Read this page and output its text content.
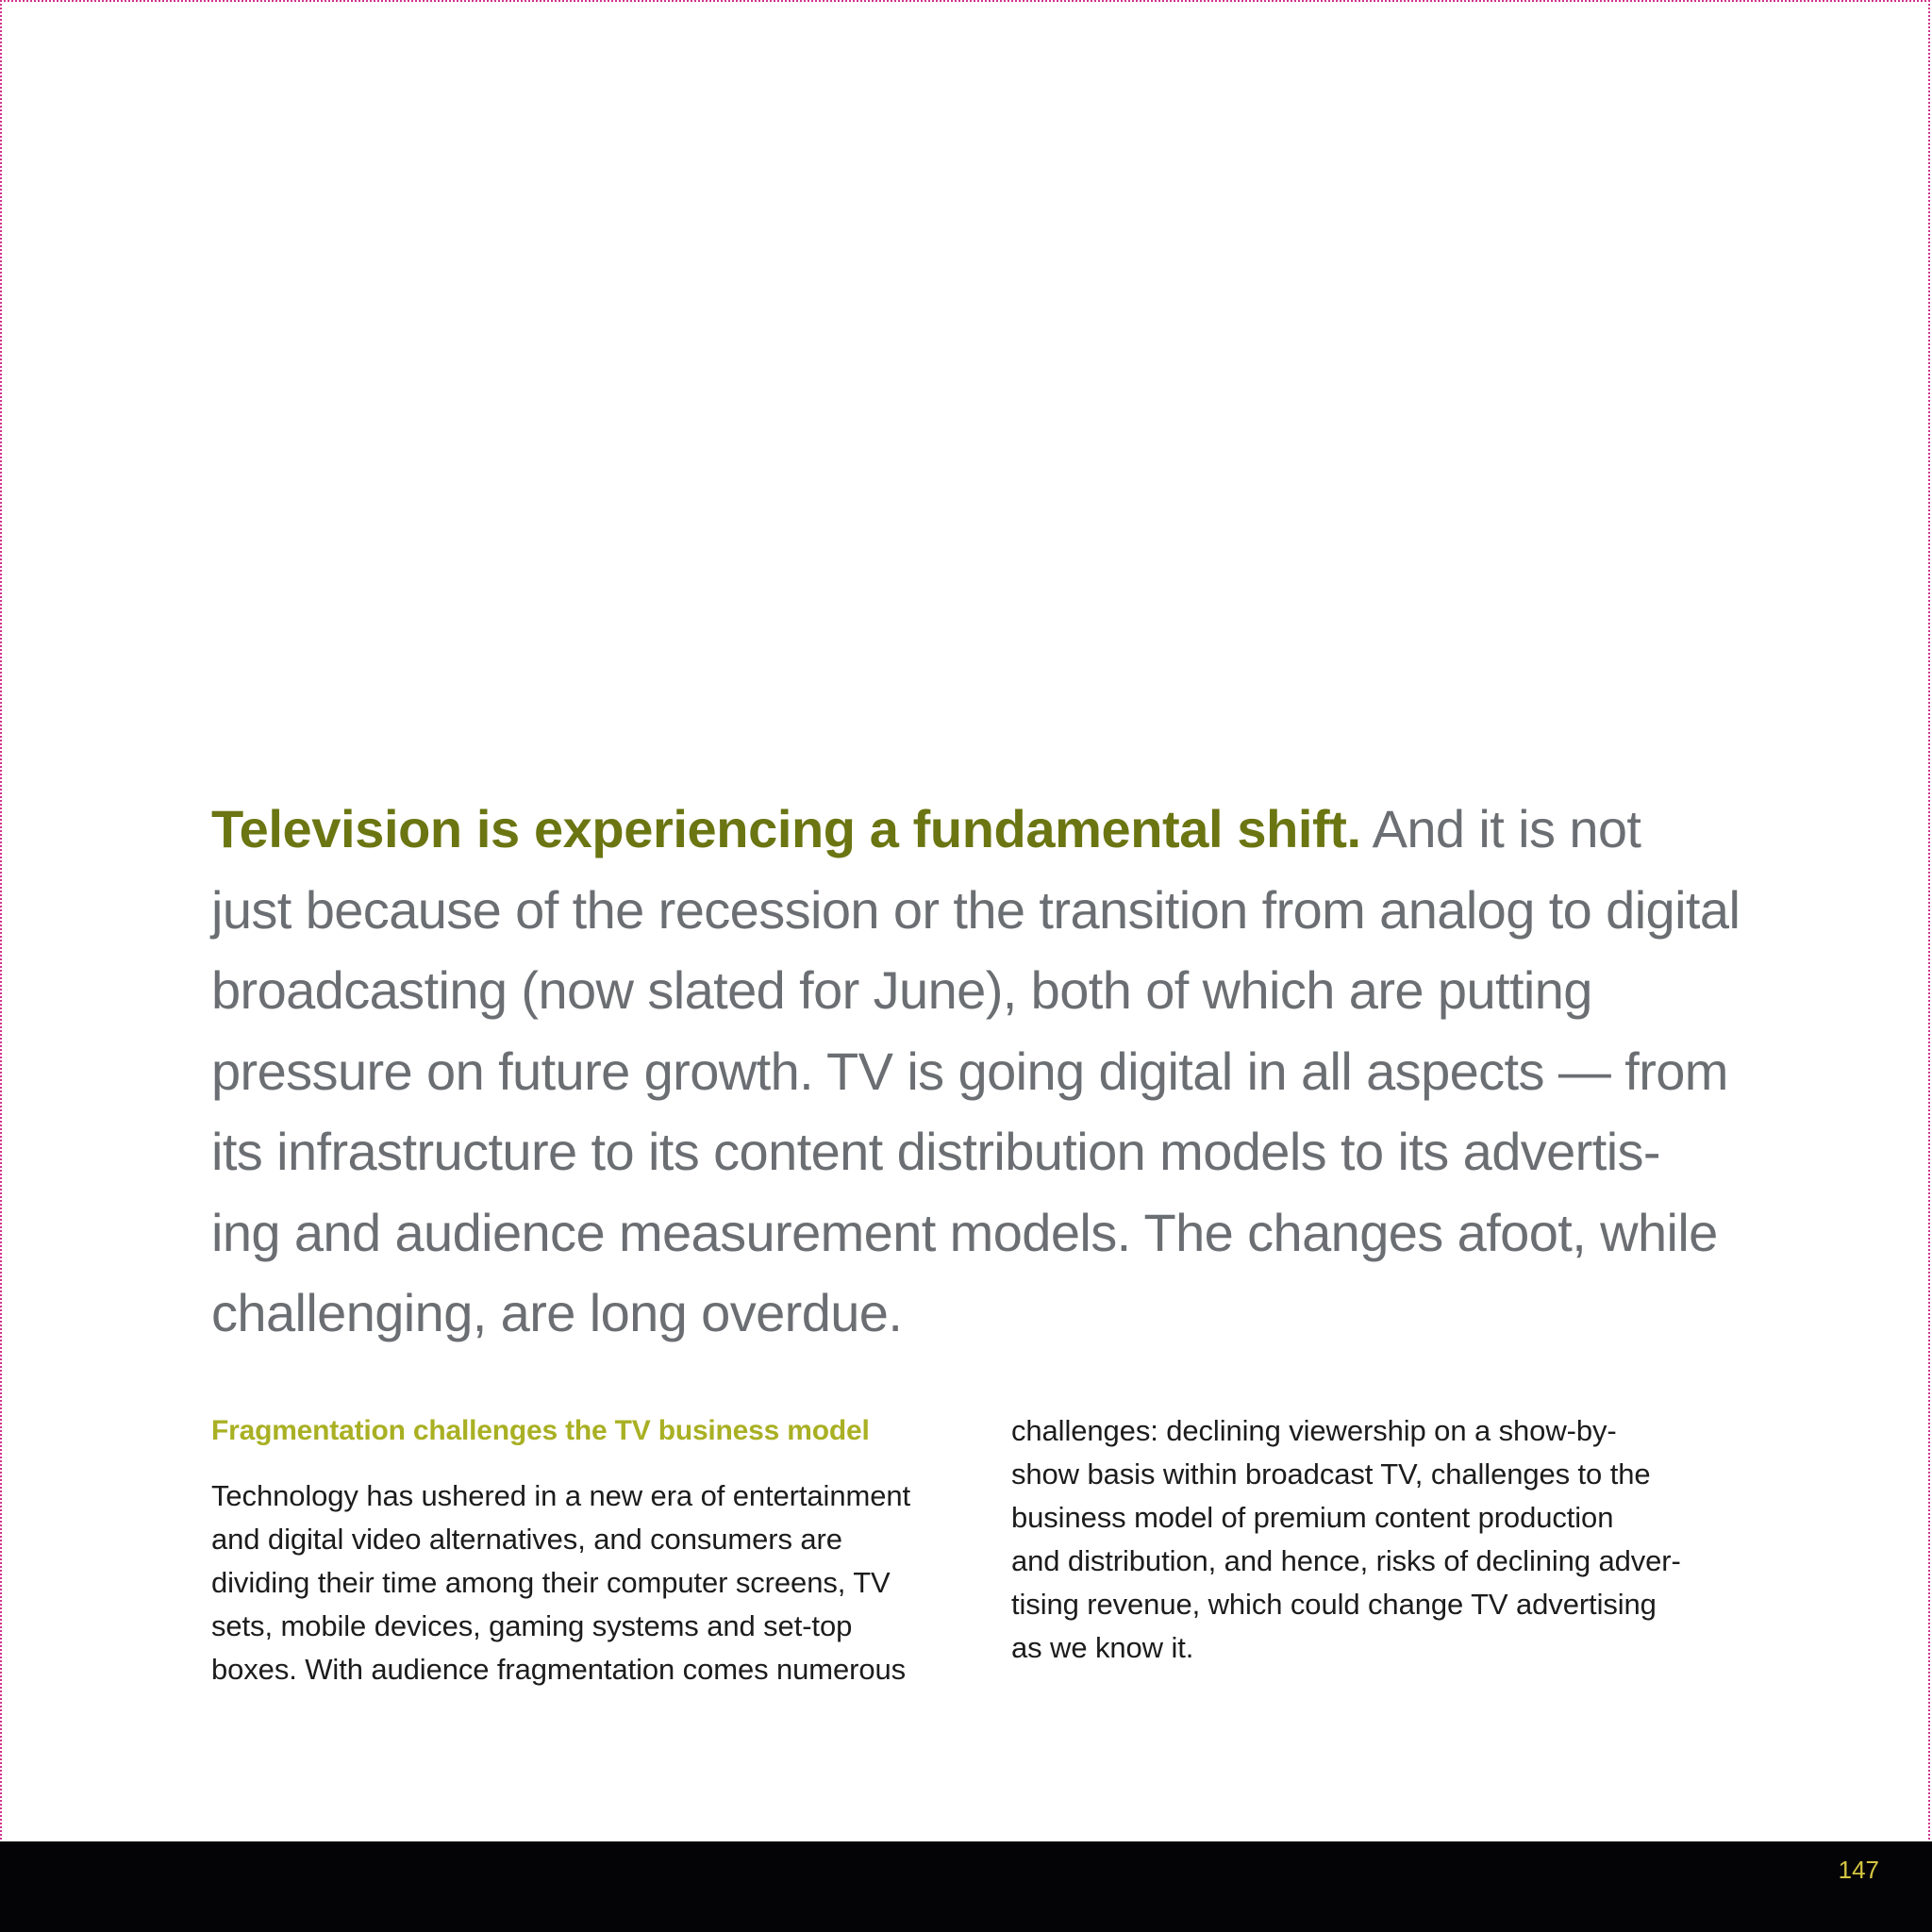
Television is experiencing a fundamental shift. And it is not
just because of the recession or the transition from analog to digital
broadcasting (now slated for June), both of which are putting
pressure on future growth. TV is going digital in all aspects — from
its infrastructure to its content distribution models to its advertis-
ing and audience measurement models. The changes afoot, while
challenging, are long overdue.

Fragmentation challenges the TV business model

Technology has ushered in a new era of entertainment
and digital video alternatives, and consumers are
dividing their time among their computer screens, TV
sets, mobile devices, gaming systems and set-top
boxes. With audience fragmentation comes numerous

challenges: declining viewership on a show-by-
show basis within broadcast TV, challenges to the
business model of premium content production
and distribution, and hence, risks of declining adver-
tising revenue, which could change TV advertising
as we know it.

147
